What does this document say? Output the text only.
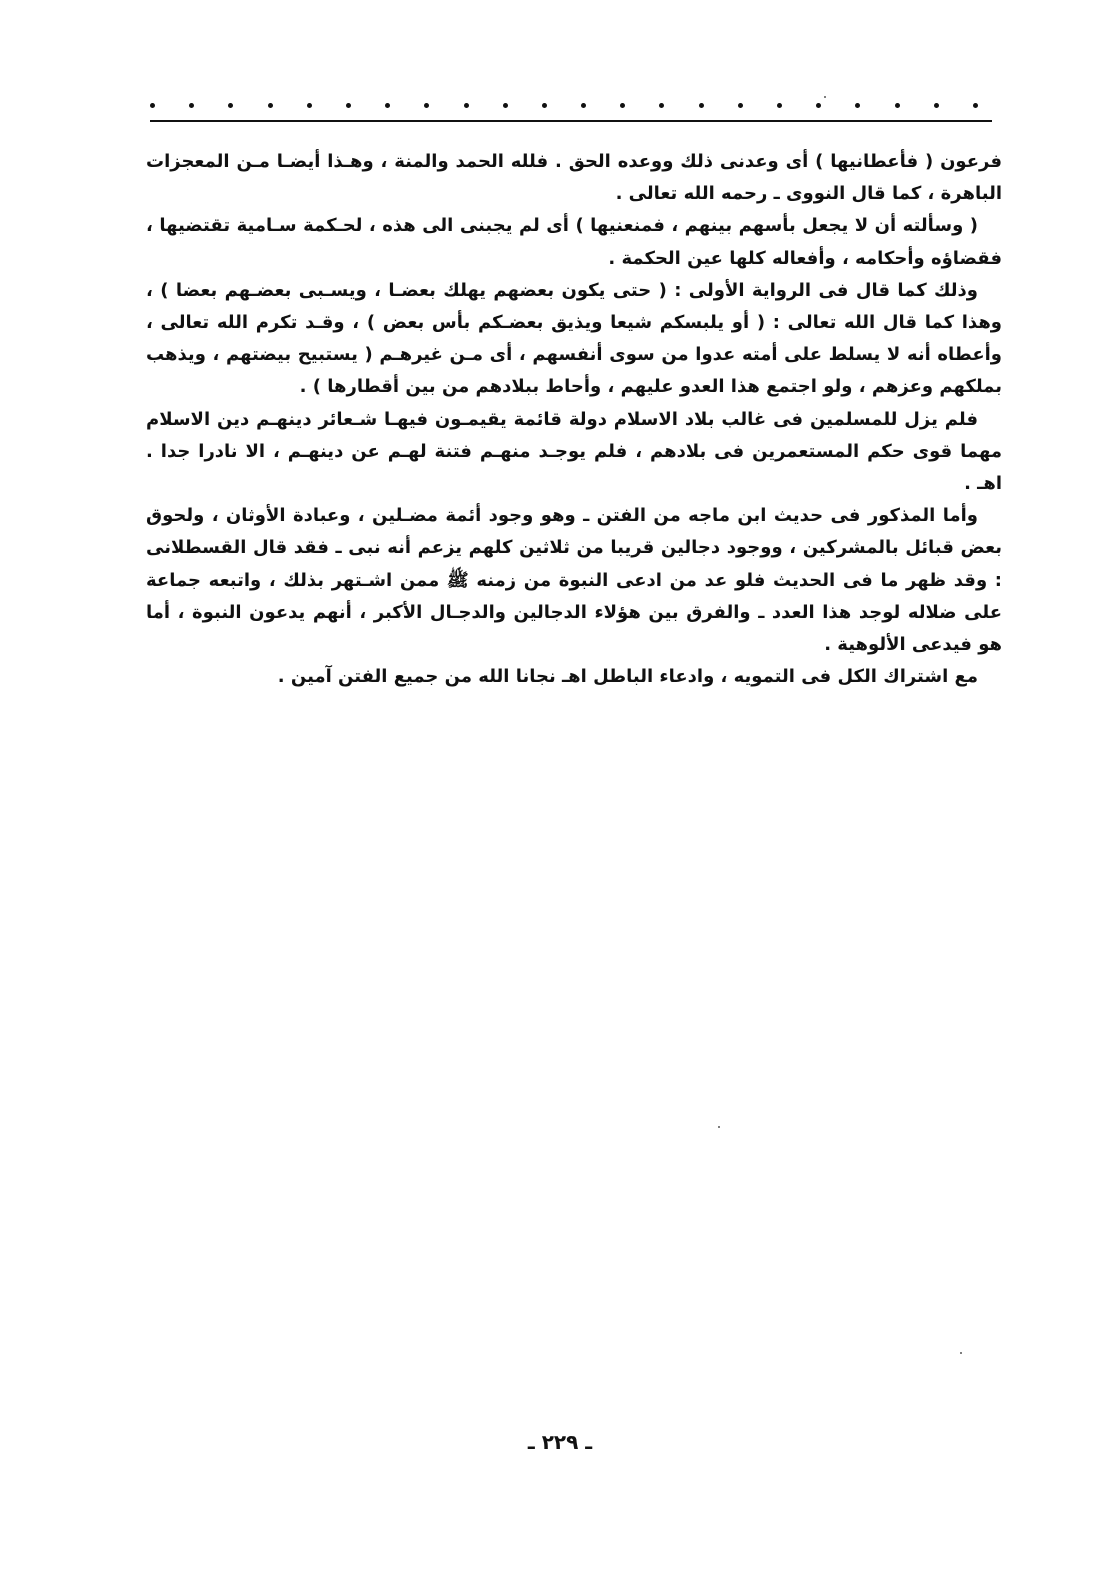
فرعون ( فأعطانيها ) أى وعدنى ذلك ووعده الحق . فلله الحمد والمنة ، وهـذا أيضـا مـن المعجزات الباهرة ، كما قال النووى ـ رحمه الله تعالى .

( وسألته أن لا يجعل بأسهم بينهم ، فمنعنيها ) أى لم يجبنى الى هذه ، لحـكمة سـامية تقتضيها ، فقضاؤه وأحكامه ، وأفعاله كلها عين الحكمة .

وذلك كما قال فى الرواية الأولى : ( حتى يكون بعضهم يهلك بعضـا ، ويسـبى بعضـهم بعضا ) ، وهذا كما قال الله تعالى : ( أو يلبسكم شيعا ويذيق بعضـكم بأس بعض ) ، وقـد تكرم الله تعالى ، وأعطاه أنه لا يسلط على أمته عدوا من سوى أنفسهم ، أى مـن غيرهـم ( يستبيح بيضتهم ، ويذهب بملكهم وعزهم ، ولو اجتمع هذا العدو عليهم ، وأحاط ببلادهم من بين أقطارها ) .

فلم يزل للمسلمين فى غالب بلاد الاسلام دولة قائمة يقيمـون فيهـا شـعائر دينهـم دين الاسلام مهما قوى حكم المستعمرين فى بلادهم ، فلم يوجـد منهـم فتنة لهـم عن دينهـم ، الا نادرا جدا . اهـ .

وأما المذكور فى حديث ابن ماجه من الفتن ـ وهو وجود أئمة مضـلين ، وعبادة الأوثان ، ولحوق بعض قبائل بالمشركين ، ووجود دجالين قريبا من ثلاثين كلهم يزعم أنه نبى ـ فقد قال القسطلانى : وقد ظهر ما فى الحديث فلو عد من ادعى النبوة من زمنه ﷺ ممن اشـتهر بذلك ، واتبعه جماعة على ضلاله لوجد هذا العدد ـ والفرق بين هؤلاء الدجالين والدجـال الأكبر ، أنهم يدعون النبوة ، أما هو فيدعى الألوهية .

مع اشتراك الكل فى التمويه ، وادعاء الباطل اهـ نجانا الله من جميع الفتن آمين .

ـ ٢٢٩ ـ
